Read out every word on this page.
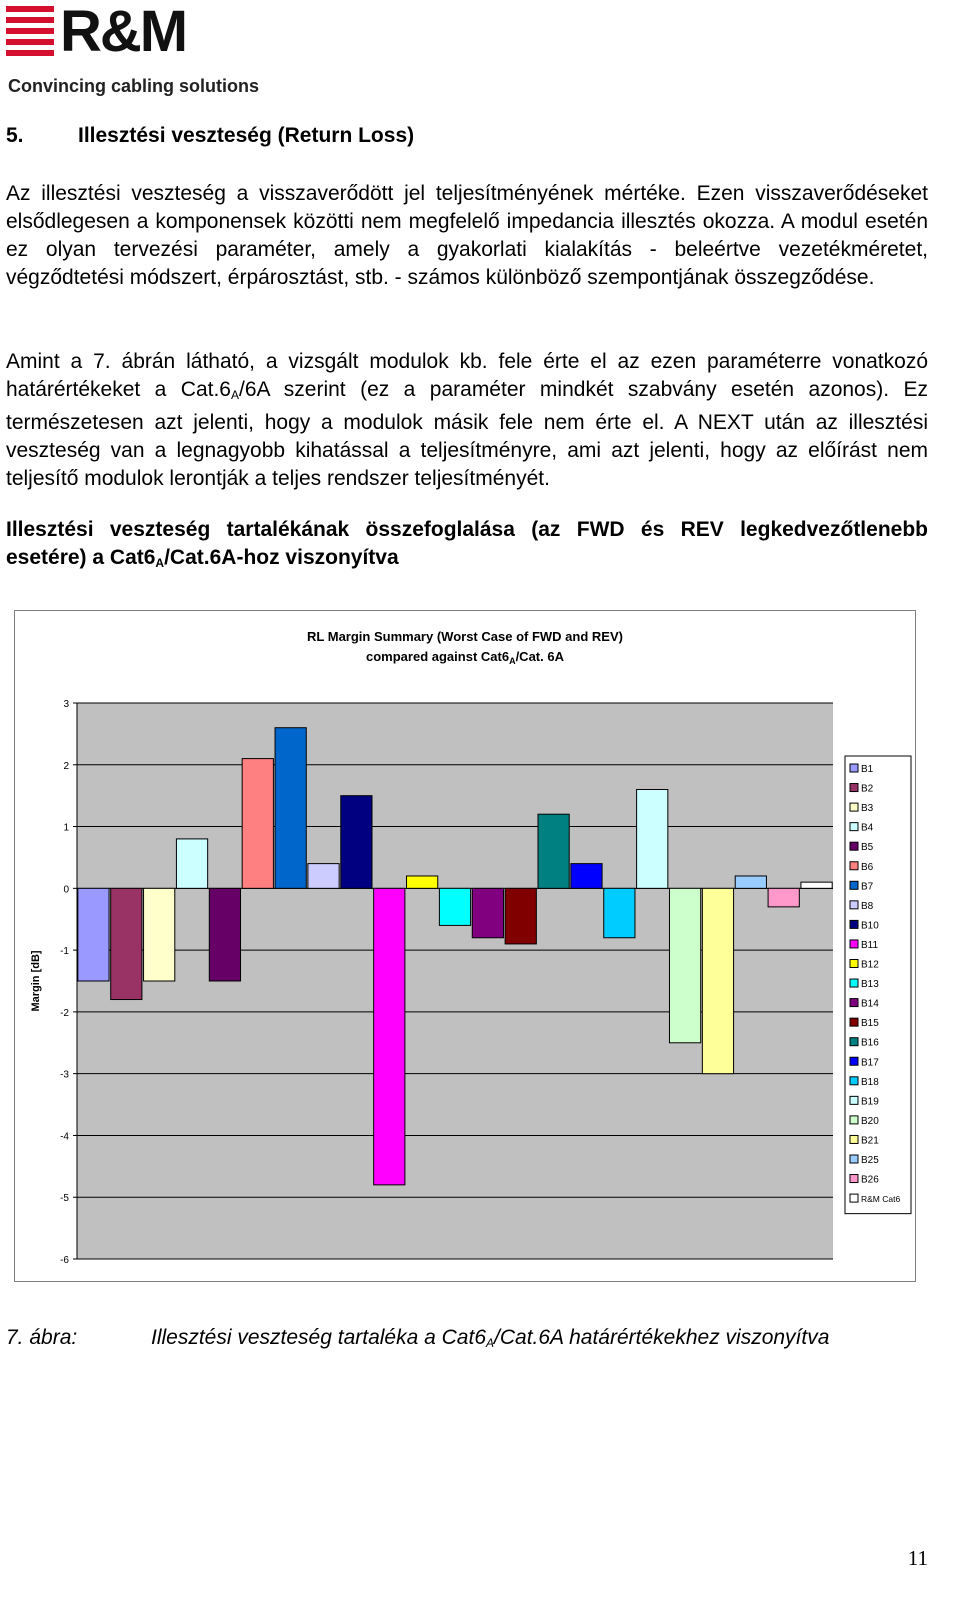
R&M
Convincing cabling solutions
5.	Illesztési veszteség (Return Loss)

Az illesztési veszteség a visszaverődött jel teljesítményének mértéke. Ezen visszaverődéseket elsődlegesen a komponensek közötti nem megfelelő impedancia illesztés okozza. A modul esetén ez olyan tervezési paraméter, amely a gyakorlati kialakítás - beleértve vezetékméretet, végződtetési módszert, érpárosztást, stb. - számos különböző szempontjának összegződése.

Amint a 7. ábrán látható, a vizsgált modulok kb. fele érte el az ezen paraméterre vonatkozó határértékeket a $Cat.6_A/6A$ szerint (ez a paraméter mindkét szabvány esetén azonos). Ez természetesen azt jelenti, hogy a modulok másik fele nem érte el. A NEXT után az illesztési veszteség van a legnagyobb kihatással a teljesítményre, ami azt jelenti, hogy az előírást nem teljesítő modulok lerontják a teljes rendszer teljesítményét.

Illesztési veszteség tartalékának összefoglalása (az FWD és REV legkedvezőtlenebb esetére) a $Cat6_A/Cat.6A$-hoz viszonyítva

RL Margin Summary (Worst Case of FWD and REV)
compared against $Cat6_A$/Cat. 6A
3
2
1
0
-1
-2
-3
-4
-5
-6
Margin [dB]
B1
B2
B3
B4
B5
B6
B7
B8
B10
B11
B12
B13
B14
B15
B16
B17
B18
B19
B20
B21
B25
B26
R&M Cat6
7. ábra:	Illesztési veszteség tartaléka a $Cat6_A/Cat.6A$ határértékekhez viszonyítva
11
